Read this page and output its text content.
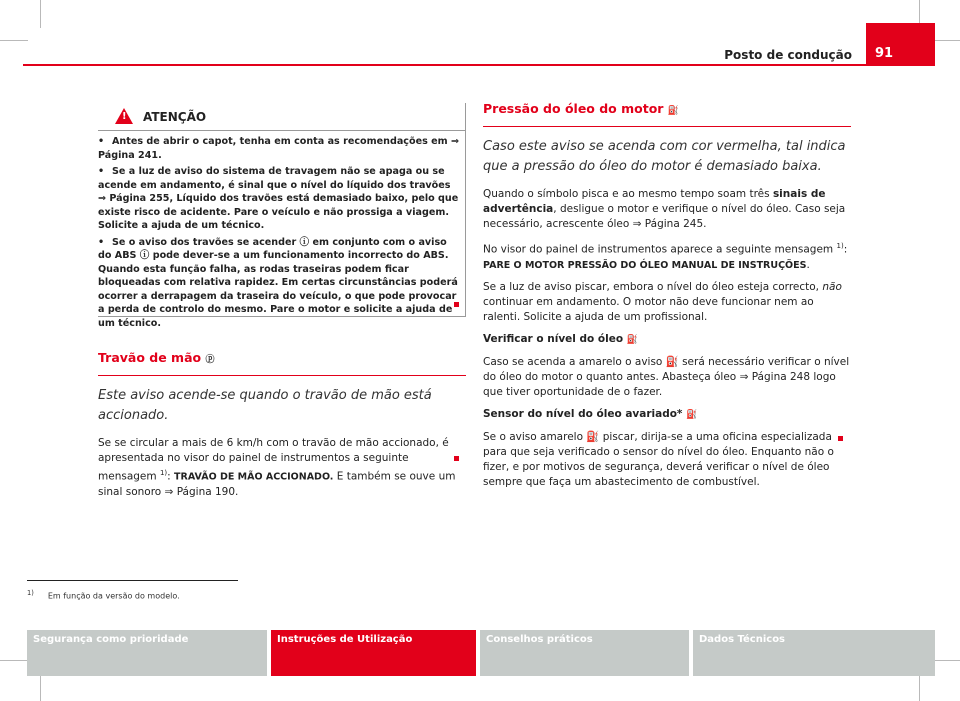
Posto de condução	91
! ATENÇÃO

• Antes de abrir o capot, tenha em conta as recomendações em ⇒ Página 241.

• Se a luz de aviso do sistema de travagem não se apaga ou se acende em andamento, é sinal que o nível do líquido dos travões ⇒ Página 255, Líquido dos travões está demasiado baixo, pelo que existe risco de acidente. Pare o veículo e não prossiga a viagem. Solicite a ajuda de um técnico.

• Se o aviso dos travões se acender ⓘ em conjunto com o aviso do ABS ⓘ pode dever-se a um funcionamento incorrecto do ABS. Quando esta função falha, as rodas traseiras podem ficar bloqueadas com relativa rapidez. Em certas circunstâncias poderá ocorrer a derrapagem da traseira do veículo, o que pode provocar a perda de controlo do mesmo. Pare o motor e solicite a ajuda de um técnico.

Travão de mão ⓟ
Este aviso acende-se quando o travão de mão está accionado.

Se se circular a mais de 6 km/h com o travão de mão accionado, é apresentada no visor do painel de instrumentos a seguinte mensagem $^{1)}$: TRAVÃO DE MÃO ACCIONADO. E também se ouve um sinal sonoro ⇒ Página 190.

Pressão do óleo do motor ⛽
Caso este aviso se acenda com cor vermelha, tal indica que a pressão do óleo do motor é demasiado baixa.

Quando o símbolo pisca e ao mesmo tempo soam três sinais de advertência, desligue o motor e verifique o nível do óleo. Caso seja necessário, acrescente óleo ⇒ Página 245.

No visor do painel de instrumentos aparece a seguinte mensagem $^{1)}$: PARE O MOTOR PRESSÃO DO ÓLEO MANUAL DE INSTRUÇÕES.

Se a luz de aviso piscar, embora o nível do óleo esteja correcto, não continuar em andamento. O motor não deve funcionar nem ao ralenti. Solicite a ajuda de um profissional.

Verificar o nível do óleo ⛽

Caso se acenda a amarelo o aviso ⛽ será necessário verificar o nível do óleo do motor o quanto antes. Abasteça óleo ⇒ Página 248 logo que tiver oportunidade de o fazer.

Sensor do nível do óleo avariado* ⛽

Se o aviso amarelo ⛽ piscar, dirija-se a uma oficina especializada para que seja verificado o sensor do nível do óleo. Enquanto não o fizer, e por motivos de segurança, deverá verificar o nível de óleo sempre que faça um abastecimento de combustível.

$^{1)}$ Em função da versão do modelo.
Segurança como prioridade	Instruções de Utilização	Conselhos práticos	Dados Técnicos
